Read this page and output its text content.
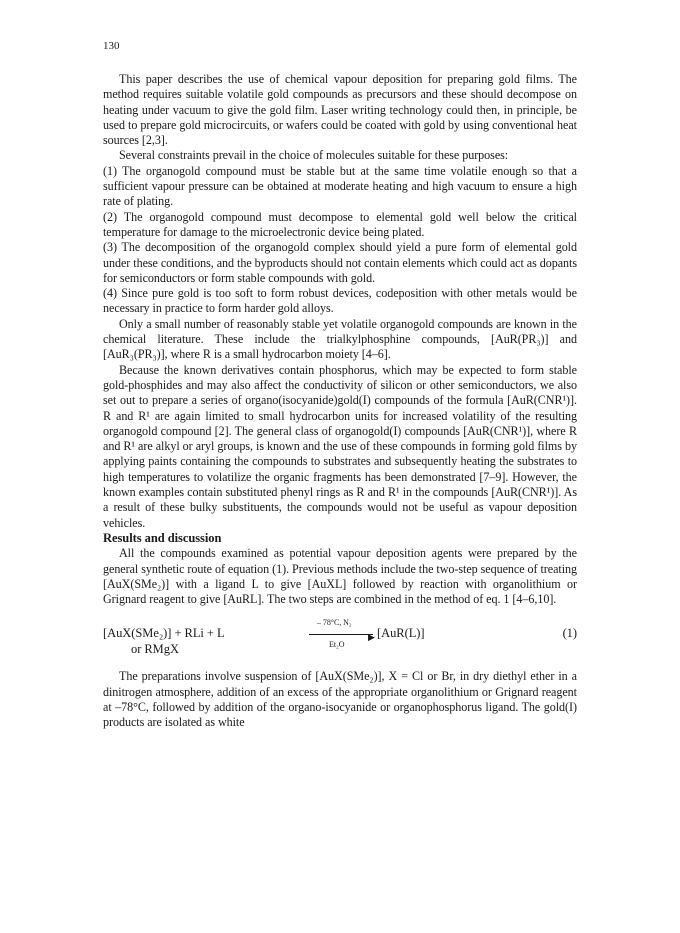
130

This paper describes the use of chemical vapour deposition for preparing gold films. The method requires suitable volatile gold compounds as precursors and these should decompose on heating under vacuum to give the gold film. Laser writing technology could then, in principle, be used to prepare gold microcircuits, or wafers could be coated with gold by using conventional heat sources [2,3].

Several constraints prevail in the choice of molecules suitable for these purposes:

(1) The organogold compound must be stable but at the same time volatile enough so that a sufficient vapour pressure can be obtained at moderate heating and high vacuum to ensure a high rate of plating.

(2) The organogold compound must decompose to elemental gold well below the critical temperature for damage to the microelectronic device being plated.

(3) The decomposition of the organogold complex should yield a pure form of elemental gold under these conditions, and the byproducts should not contain elements which could act as dopants for semiconductors or form stable compounds with gold.

(4) Since pure gold is too soft to form robust devices, codeposition with other metals would be necessary in practice to form harder gold alloys.

Only a small number of reasonably stable yet volatile organogold compounds are known in the chemical literature. These include the trialkylphosphine compounds, [AuR(PR₃)] and [AuR₃(PR₃)], where R is a small hydrocarbon moiety [4–6].

Because the known derivatives contain phosphorus, which may be expected to form stable gold-phosphides and may also affect the conductivity of silicon or other semiconductors, we also set out to prepare a series of organo(isocyanide)gold(I) compounds of the formula [AuR(CNR¹)]. R and R¹ are again limited to small hydrocarbon units for increased volatility of the resulting organogold compound [2]. The general class of organogold(I) compounds [AuR(CNR¹)], where R and R¹ are alkyl or aryl groups, is known and the use of these compounds in forming gold films by applying paints containing the compounds to substrates and subsequently heating the substrates to high temperatures to volatilize the organic fragments has been demonstrated [7–9]. However, the known examples contain substituted phenyl rings as R and R¹ in the compounds [AuR(CNR¹)]. As a result of these bulky substituents, the compounds would not be useful as vapour deposition vehicles.

Results and discussion

All the compounds examined as potential vapour deposition agents were prepared by the general synthetic route of equation (1). Previous methods include the two-step sequence of treating [AuX(SMe₂)] with a ligand L to give [AuXL] followed by reaction with organolithium or Grignard reagent to give [AuRL]. The two steps are combined in the method of eq. 1 [4–6,10].

[AuX(SMe₂)] + RLi + L
or RMgX
– 78°C, N₂
▶
Et₂O
[AuR(L)]	(1)

The preparations involve suspension of [AuX(SMe₂)], X = Cl or Br, in dry diethyl ether in a dinitrogen atmosphere, addition of an excess of the appropriate organolithium or Grignard reagent at –78°C, followed by addition of the organo-isocyanide or organophosphorus ligand. The gold(I) products are isolated as white
